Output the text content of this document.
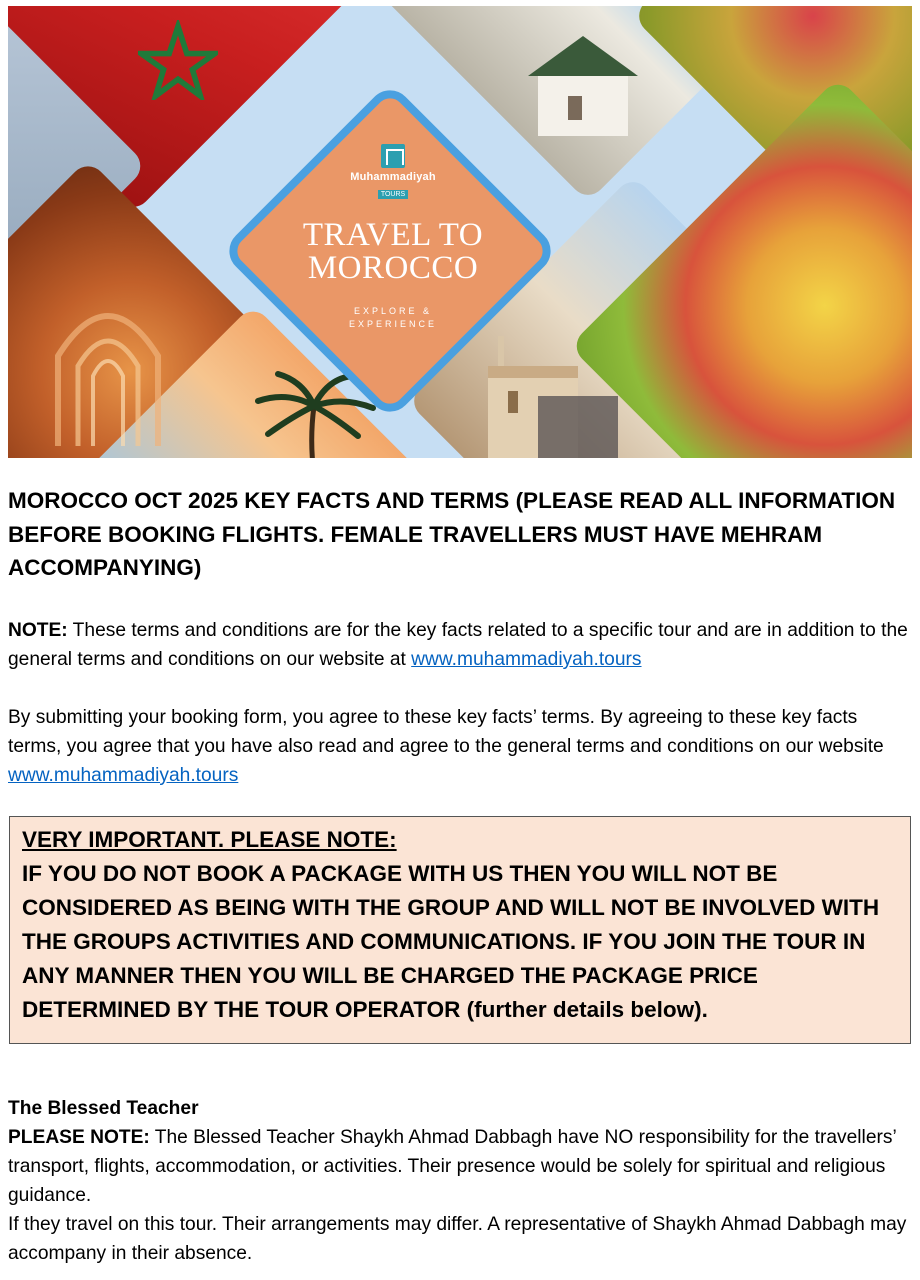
Muhammadiyah
TOURS
TRAVEL TO MOROCCO
EXPLORE &
EXPERIENCE
MOROCCO OCT 2025 KEY FACTS AND TERMS (PLEASE READ ALL INFORMATION BEFORE BOOKING FLIGHTS. FEMALE TRAVELLERS MUST HAVE MEHRAM ACCOMPANYING)
NOTE: These terms and conditions are for the key facts related to a specific tour and are in addition to the general terms and conditions on our website at www.muhammadiyah.tours
By submitting your booking form, you agree to these key facts’ terms. By agreeing to these key facts terms, you agree that you have also read and agree to the general terms and conditions on our website www.muhammadiyah.tours
VERY IMPORTANT. PLEASE NOTE:
IF YOU DO NOT BOOK A PACKAGE WITH US THEN YOU WILL NOT BE CONSIDERED AS BEING WITH THE GROUP AND WILL NOT BE INVOLVED WITH THE GROUPS ACTIVITIES AND COMMUNICATIONS. IF YOU JOIN THE TOUR IN ANY MANNER THEN YOU WILL BE CHARGED THE PACKAGE PRICE DETERMINED BY THE TOUR OPERATOR (further details below).
The Blessed Teacher
PLEASE NOTE: The Blessed Teacher Shaykh Ahmad Dabbagh have NO responsibility for the travellers’ transport, flights, accommodation, or activities. Their presence would be solely for spiritual and religious guidance.
If they travel on this tour. Their arrangements may differ. A representative of Shaykh Ahmad Dabbagh may accompany in their absence.
